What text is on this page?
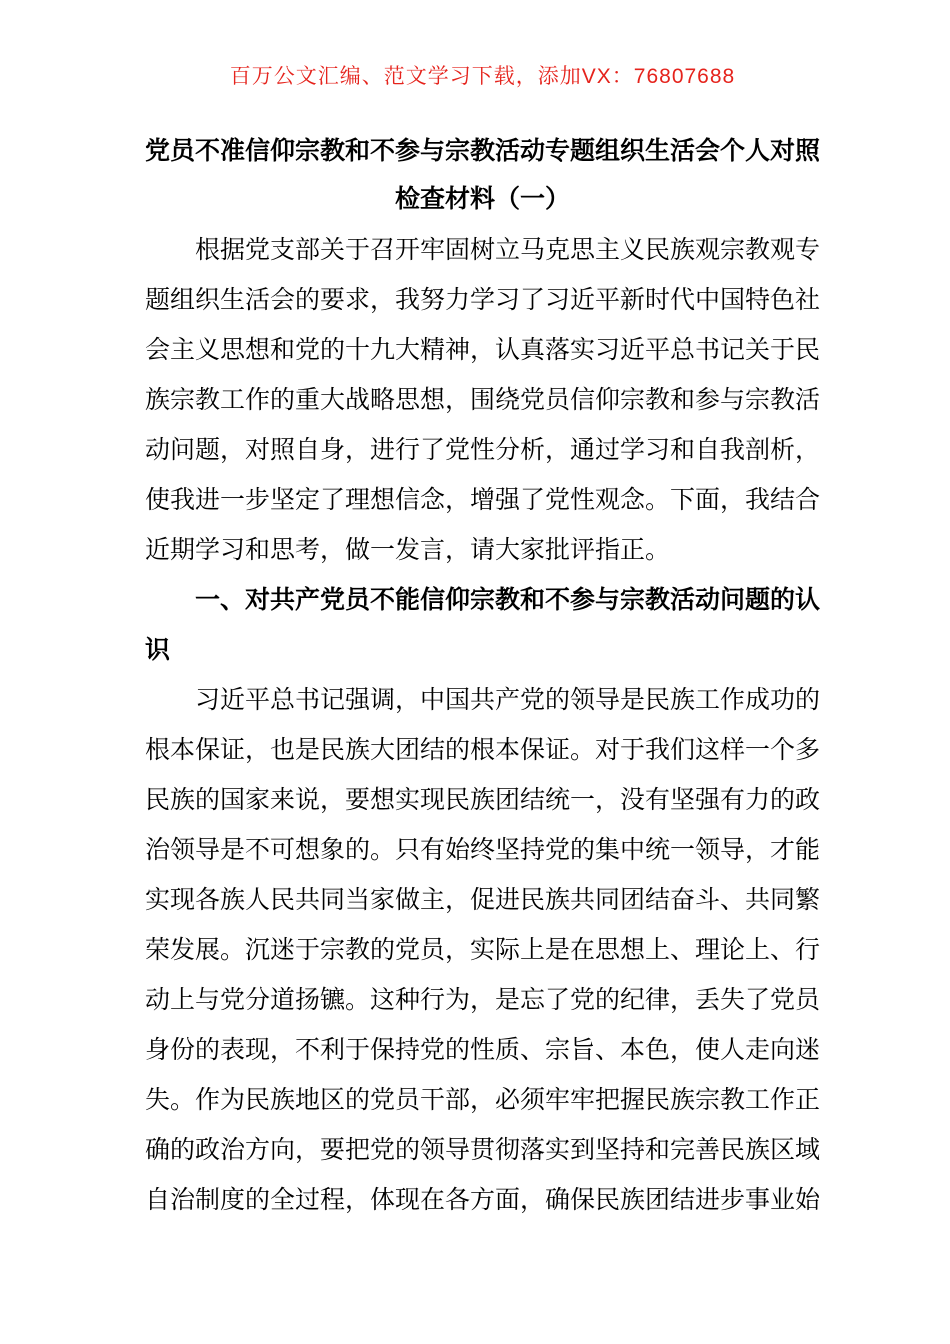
百万公文汇编、范文学习下载，添加VX：76807688
党员不准信仰宗教和不参与宗教活动专题组织生活会个人对照
检查材料（一）
根据党支部关于召开牢固树立马克思主义民族观宗教观专
题组织生活会的要求，我努力学习了习近平新时代中国特色社
会主义思想和党的十九大精神，认真落实习近平总书记关于民
族宗教工作的重大战略思想，围绕党员信仰宗教和参与宗教活
动问题，对照自身，进行了党性分析，通过学习和自我剖析，
使我进一步坚定了理想信念，增强了党性观念。下面，我结合
近期学习和思考，做一发言，请大家批评指正。
一、对共产党员不能信仰宗教和不参与宗教活动问题的认
识
习近平总书记强调，中国共产党的领导是民族工作成功的
根本保证，也是民族大团结的根本保证。对于我们这样一个多
民族的国家来说，要想实现民族团结统一，没有坚强有力的政
治领导是不可想象的。只有始终坚持党的集中统一领导，才能
实现各族人民共同当家做主，促进民族共同团结奋斗、共同繁
荣发展。沉迷于宗教的党员，实际上是在思想上、理论上、行
动上与党分道扬镳。这种行为，是忘了党的纪律，丢失了党员
身份的表现，不利于保持党的性质、宗旨、本色，使人走向迷
失。作为民族地区的党员干部，必须牢牢把握民族宗教工作正
确的政治方向，要把党的领导贯彻落实到坚持和完善民族区域
自治制度的全过程，体现在各方面，确保民族团结进步事业始
